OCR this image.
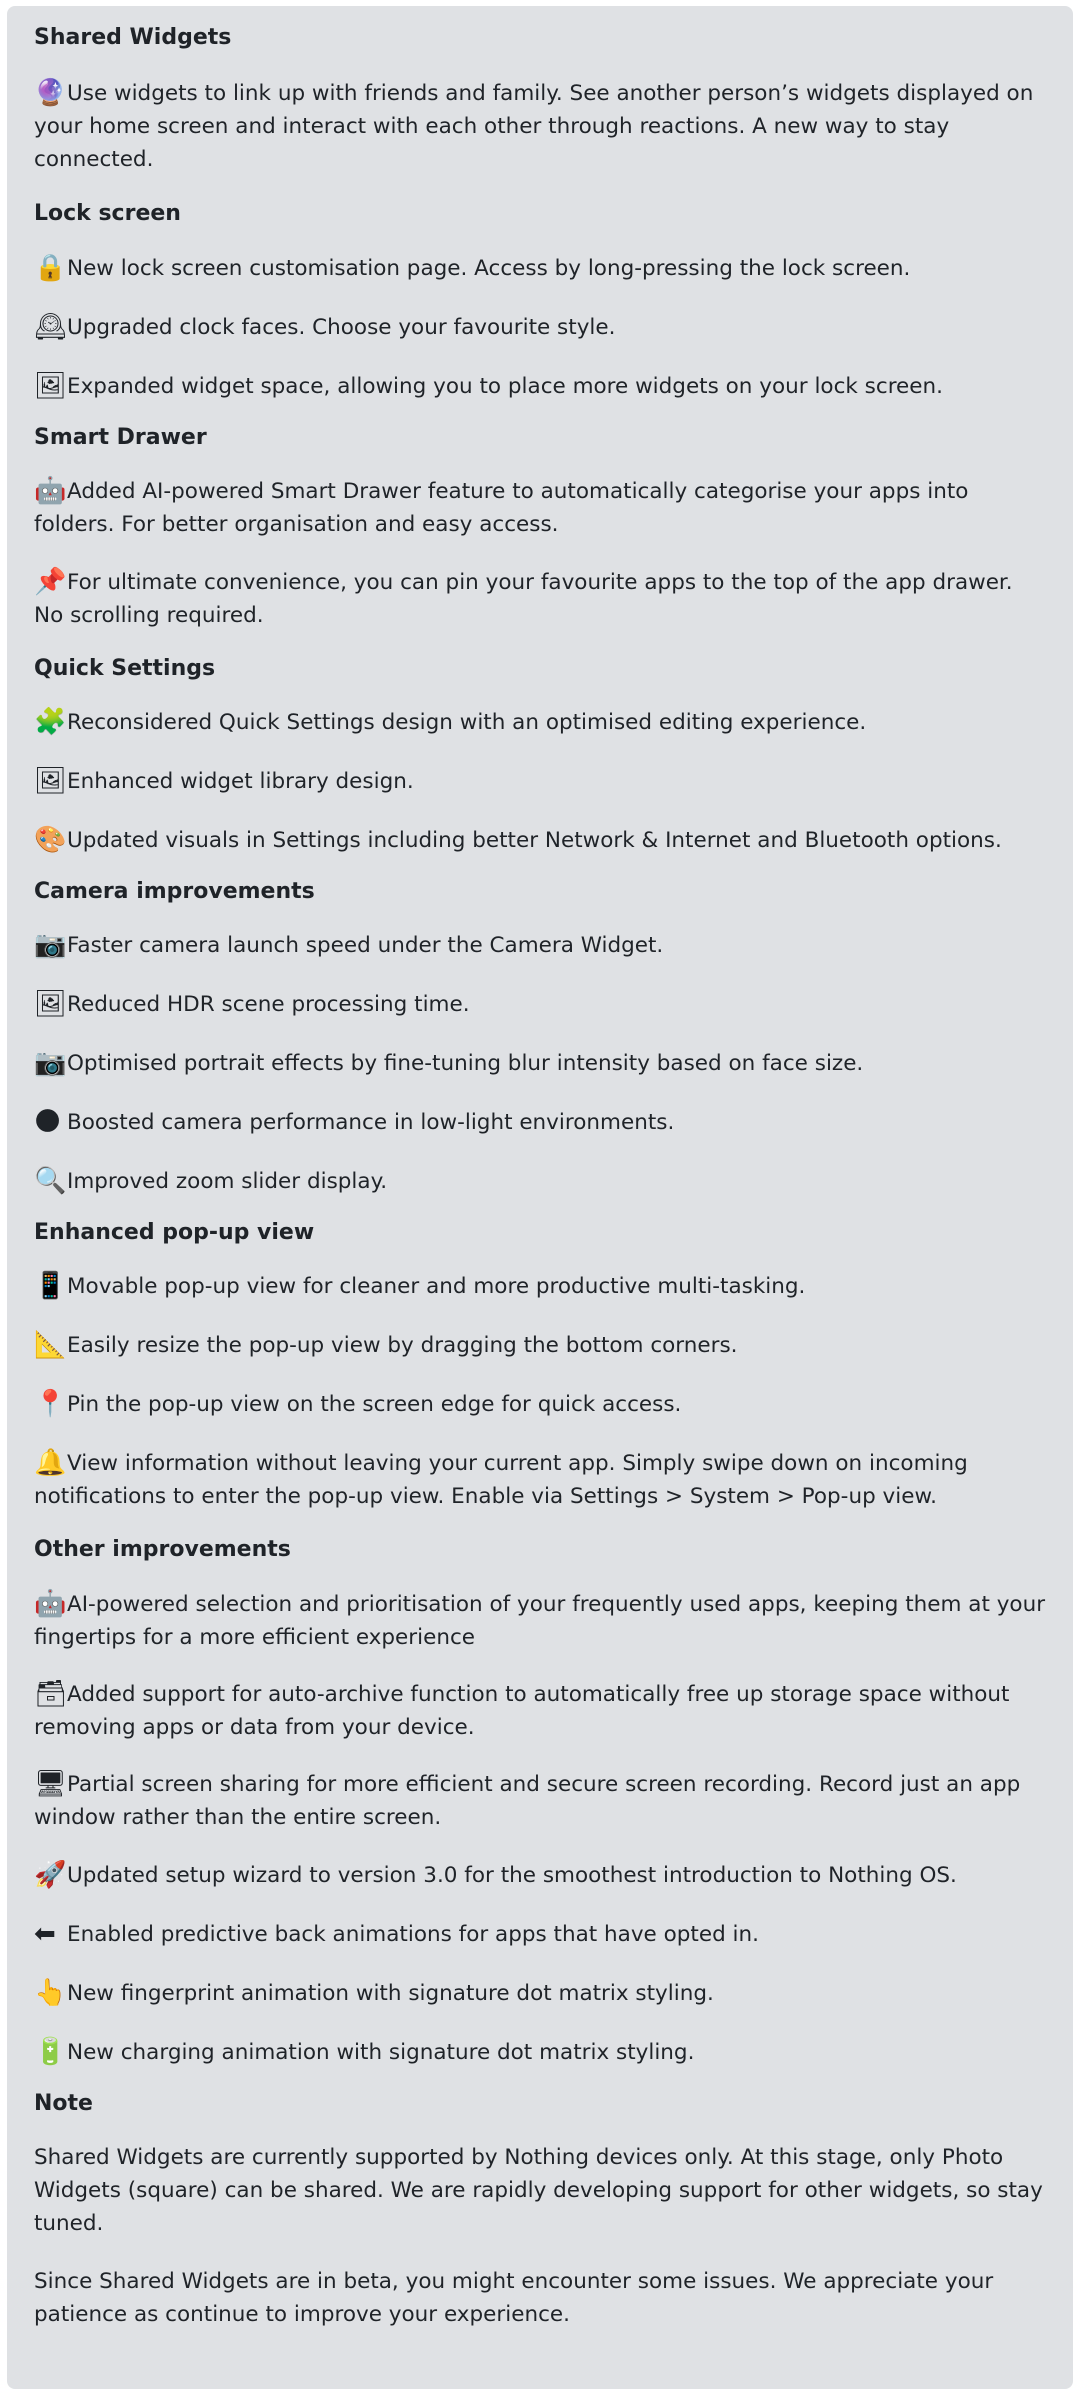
Shared Widgets
🔮Use widgets to link up with friends and family. See another person’s widgets displayed on your home screen and interact with each other through reactions. A new way to stay connected.
Lock screen
🔒New lock screen customisation page. Access by long-pressing the lock screen.
🕰Upgraded clock faces. Choose your favourite style.
🖼Expanded widget space, allowing you to place more widgets on your lock screen.
Smart Drawer
🤖Added AI-powered Smart Drawer feature to automatically categorise your apps into folders. For better organisation and easy access.
📌For ultimate convenience, you can pin your favourite apps to the top of the app drawer. No scrolling required.
Quick Settings
🧩Reconsidered Quick Settings design with an optimised editing experience.
🖼Enhanced widget library design.
🎨Updated visuals in Settings including better Network & Internet and Bluetooth options.
Camera improvements
📷Faster camera launch speed under the Camera Widget.
🖼Reduced HDR scene processing time.
📷Optimised portrait effects by fine-tuning blur intensity based on face size.
🌑 Boosted camera performance in low-light environments.
🔍Improved zoom slider display.
Enhanced pop-up view
📱Movable pop-up view for cleaner and more productive multi-tasking.
📐Easily resize the pop-up view by dragging the bottom corners.
📍Pin the pop-up view on the screen edge for quick access.
🔔View information without leaving your current app. Simply swipe down on incoming notifications to enter the pop-up view. Enable via Settings > System > Pop-up view.
Other improvements
🤖AI-powered selection and prioritisation of your frequently used apps, keeping them at your fingertips for a more efficient experience
🗃Added support for auto-archive function to automatically free up storage space without removing apps or data from your device.
🖥Partial screen sharing for more efficient and secure screen recording. Record just an app window rather than the entire screen.
🚀Updated setup wizard to version 3.0 for the smoothest introduction to Nothing OS.
⬅ Enabled predictive back animations for apps that have opted in.
👆New fingerprint animation with signature dot matrix styling.
🔋New charging animation with signature dot matrix styling.
Note

Shared Widgets are currently supported by Nothing devices only. At this stage, only Photo Widgets (square) can be shared. We are rapidly developing support for other widgets, so stay tuned.

Since Shared Widgets are in beta, you might encounter some issues. We appreciate your patience as continue to improve your experience.
